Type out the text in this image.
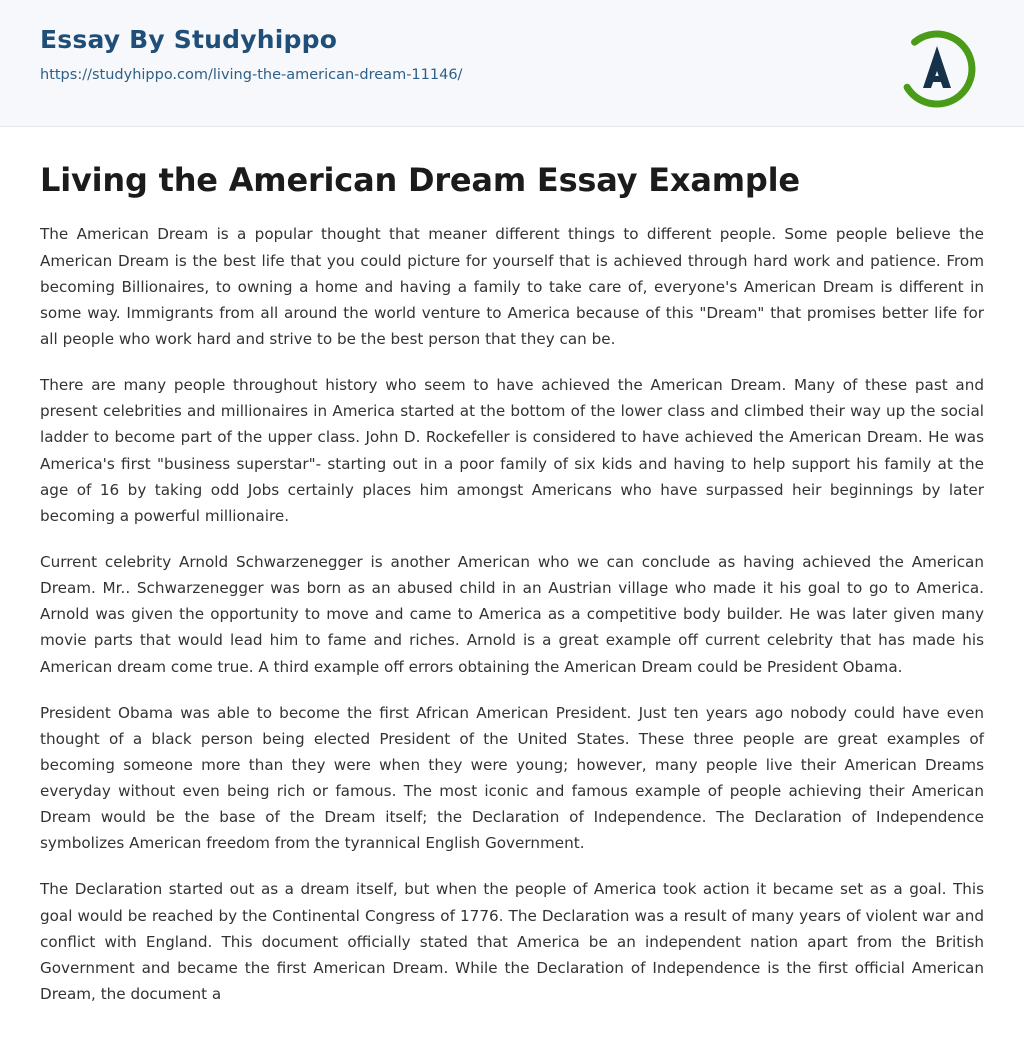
Essay By Studyhippo
https://studyhippo.com/living-the-american-dream-11146/
Living the American Dream Essay Example

The American Dream is a popular thought that meaner different things to different people. Some people believe the American Dream is the best life that you could picture for yourself that is achieved through hard work and patience. From becoming Billionaires, to owning a home and having a family to take care of, everyone's American Dream is different in some way. Immigrants from all around the world venture to America because of this "Dream" that promises better life for all people who work hard and strive to be the best person that they can be.

There are many people throughout history who seem to have achieved the American Dream. Many of these past and present celebrities and millionaires in America started at the bottom of the lower class and climbed their way up the social ladder to become part of the upper class. John D. Rockefeller is considered to have achieved the American Dream. He was America's first "business superstar"- starting out in a poor family of six kids and having to help support his family at the age of 16 by taking odd Jobs certainly places him amongst Americans who have surpassed heir beginnings by later becoming a powerful millionaire.

Current celebrity Arnold Schwarzenegger is another American who we can conclude as having achieved the American Dream. Mr.. Schwarzenegger was born as an abused child in an Austrian village who made it his goal to go to America. Arnold was given the opportunity to move and came to America as a competitive body builder. He was later given many movie parts that would lead him to fame and riches. Arnold is a great example off current celebrity that has made his American dream come true. A third example off errors obtaining the American Dream could be President Obama.

President Obama was able to become the first African American President. Just ten years ago nobody could have even thought of a black person being elected President of the United States. These three people are great examples of becoming someone more than they were when they were young; however, many people live their American Dreams everyday without even being rich or famous. The most iconic and famous example of people achieving their American Dream would be the base of the Dream itself; the Declaration of Independence. The Declaration of Independence symbolizes American freedom from the tyrannical English Government.

The Declaration started out as a dream itself, but when the people of America took action it became set as a goal. This goal would be reached by the Continental Congress of 1776. The Declaration was a result of many years of violent war and conflict with England. This document officially stated that America be an independent nation apart from the British Government and became the first American Dream. While the Declaration of Independence is the first official American Dream, the document a
